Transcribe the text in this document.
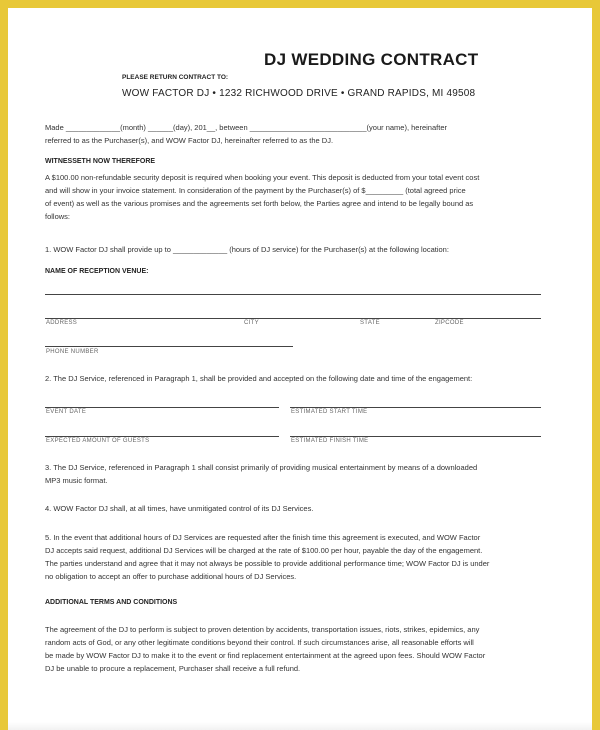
DJ WEDDING CONTRACT
PLEASE RETURN CONTRACT TO:
WOW FACTOR DJ • 1232 RICHWOOD DRIVE • GRAND RAPIDS, MI 49508
Made _____________(month) ______(day), 201__, between ____________________________(your name), hereinafter
referred to as the Purchaser(s), and WOW Factor DJ, hereinafter referred to as the DJ.
WITNESSETH NOW THEREFORE
A $100.00 non-refundable security deposit is required when booking your event. This deposit is deducted from your total event cost
and will show in your invoice statement. In consideration of the payment by the Purchaser(s) of $_________ (total agreed price
of event) as well as the various promises and the agreements set forth below, the Parties agree and intend to be legally bound as
follows:
1. WOW Factor DJ shall provide up to _____________ (hours of DJ service) for the Purchaser(s) at the following location:
NAME OF RECEPTION VENUE:
ADDRESS	CITY	STATE	ZIPCODE
PHONE NUMBER
2. The DJ Service, referenced in Paragraph 1, shall be provided and accepted on the following date and time of the engagement:
EVENT DATE	ESTIMATED START TIME
EXPECTED AMOUNT OF GUESTS	ESTIMATED FINISH TIME
3. The DJ Service, referenced in Paragraph 1 shall consist primarily of providing musical entertainment by means of a downloaded
MP3 music format.
4. WOW Factor DJ shall, at all times, have unmitigated control of its DJ Services.
5. In the event that additional hours of DJ Services are requested after the finish time this agreement is executed, and WOW Factor
DJ accepts said request, additional DJ Services will be charged at the rate of $100.00 per hour, payable the day of the engagement.
The parties understand and agree that it may not always be possible to provide additional performance time; WOW Factor DJ is under
no obligation to accept an offer to purchase additional hours of DJ Services.
ADDITIONAL TERMS AND CONDITIONS
The agreement of the DJ to perform is subject to proven detention by accidents, transportation issues, riots, strikes, epidemics, any
random acts of God, or any other legitimate conditions beyond their control. If such circumstances arise, all reasonable efforts will
be made by WOW Factor DJ to make it to the event or find replacement entertainment at the agreed upon fees. Should WOW Factor
DJ be unable to procure a replacement, Purchaser shall receive a full refund.
